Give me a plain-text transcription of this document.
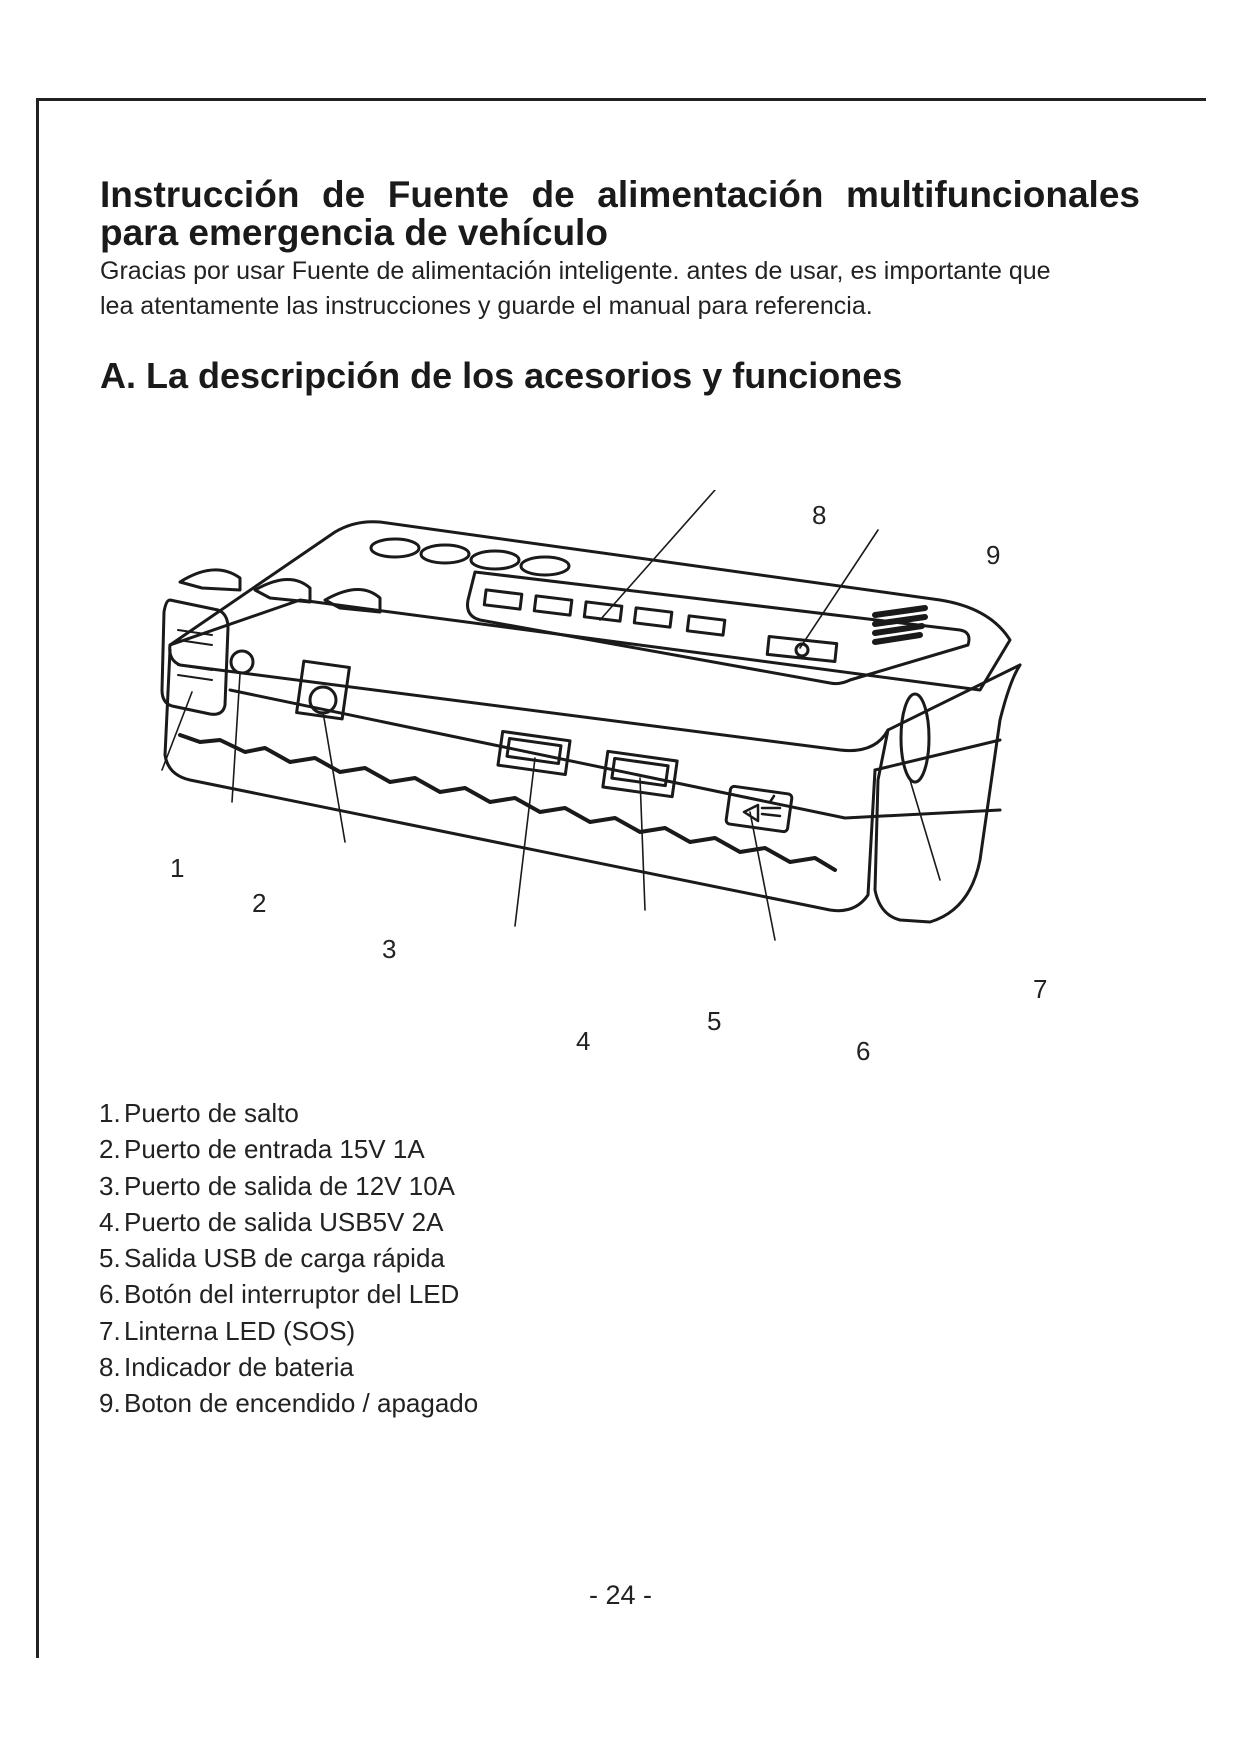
Instrucción de Fuente de alimentación multifuncionales
para emergencia de vehículo

Gracias por usar Fuente de alimentación inteligente. antes de usar, es importante que
lea atentamente las instrucciones y guarde el manual para referencia.

A. La descripción de los acesorios y funciones
1
2
3
4
5
6
7
8
9
1. Puerto de salto
2. Puerto de entrada 15V 1A
3. Puerto de salida de 12V 10A
4. Puerto de salida USB5V 2A
5. Salida USB de carga rápida
6. Botón del interruptor del LED
7. Linterna LED (SOS)
8. Indicador de bateria
9. Boton de encendido / apagado
- 24 -
